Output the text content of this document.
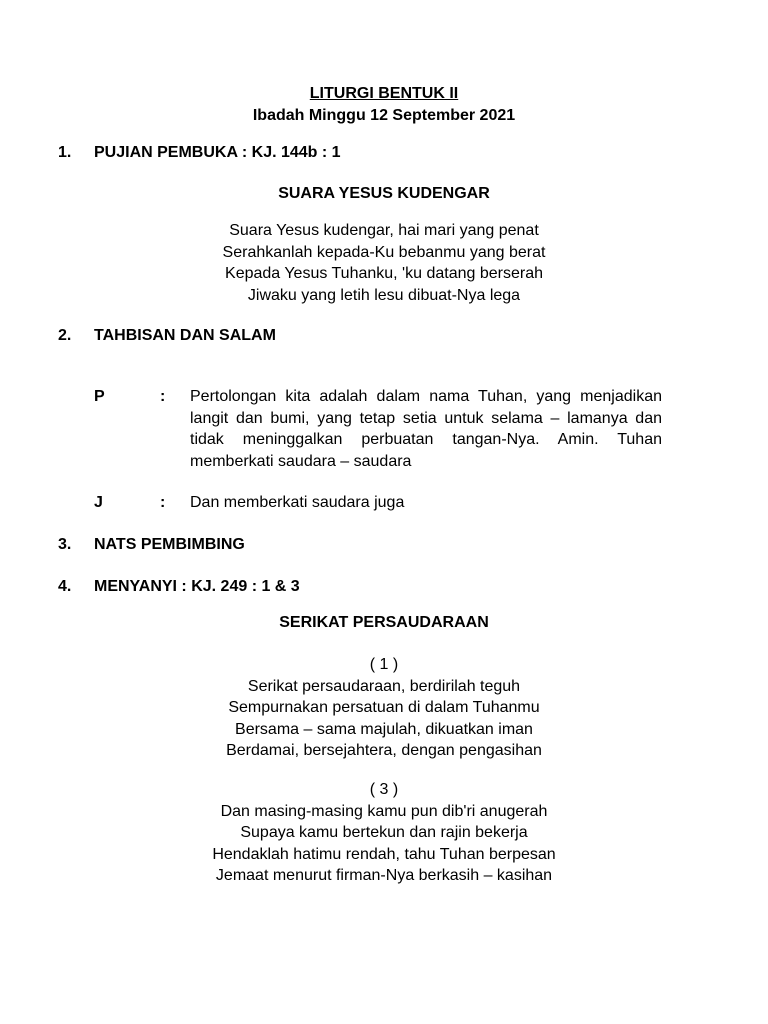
LITURGI BENTUK II
Ibadah Minggu 12 September 2021
1. PUJIAN PEMBUKA : KJ. 144b : 1
SUARA YESUS KUDENGAR
Suara Yesus kudengar, hai mari yang penat
Serahkanlah kepada-Ku bebanmu yang berat
Kepada Yesus Tuhanku, 'ku datang berserah
Jiwaku yang letih lesu dibuat-Nya lega
2. TAHBISAN DAN SALAM
P	: Pertolongan kita adalah dalam nama Tuhan, yang menjadikan langit dan bumi, yang tetap setia untuk selama – lamanya dan tidak meninggalkan perbuatan tangan-Nya. Amin. Tuhan memberkati saudara – saudara
J	: Dan memberkati saudara juga
3. NATS PEMBIMBING
4. MENYANYI : KJ. 249 : 1 & 3
SERIKAT PERSAUDARAAN
( 1 )
Serikat persaudaraan, berdirilah teguh
Sempurnakan persatuan di dalam Tuhanmu
Bersama – sama majulah, dikuatkan iman
Berdamai, bersejahtera, dengan pengasihan
( 3 )
Dan masing-masing kamu pun dib'ri anugerah
Supaya kamu bertekun dan rajin bekerja
Hendaklah hatimu rendah, tahu Tuhan berpesan
Jemaat menurut firman-Nya berkasih – kasihan
